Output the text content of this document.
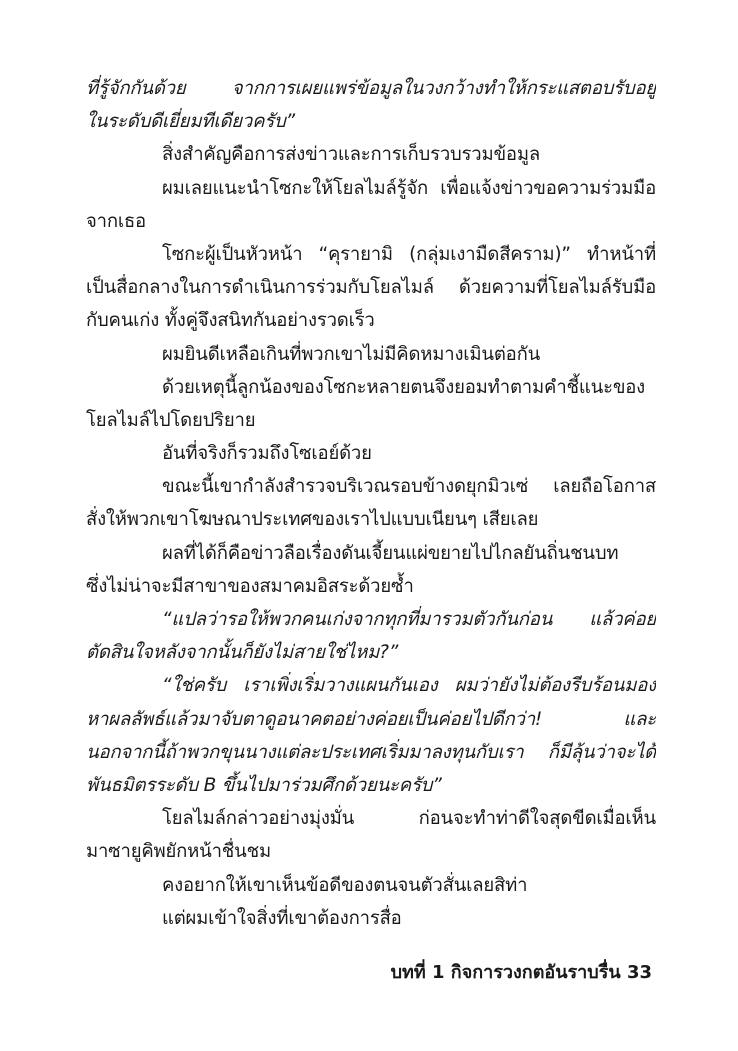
ที่รู้จักกันด้วย จากการเผยแพร่ข้อมูลในวงกว้างทำให้กระแสตอบรับอยู่
ในระดับดีเยี่ยมทีเดียวครับ”
สิ่งสำคัญคือการส่งข่าวและการเก็บรวบรวมข้อมูล
ผมเลยแนะนำโซกะให้โยลไมล์รู้จัก เพื่อแจ้งข่าวขอความร่วมมือ
จากเธอ
โซกะผู้เป็นหัวหน้า “คุรายามิ (กลุ่มเงามืดสีคราม)” ทำหน้าที่
เป็นสื่อกลางในการดำเนินการร่วมกับโยลไมล์ ด้วยความที่โยลไมล์รับมือ
กับคนเก่ง ทั้งคู่จึงสนิทกันอย่างรวดเร็ว
ผมยินดีเหลือเกินที่พวกเขาไม่มีคิดหมางเมินต่อกัน
ด้วยเหตุนี้ลูกน้องของโซกะหลายตนจึงยอมทำตามคำชี้แนะของ
โยลไมล์ไปโดยปริยาย
อันที่จริงก็รวมถึงโซเอย์ด้วย
ขณะนี้เขากำลังสำรวจบริเวณรอบข้างดยุกมิวเซ่ เลยถือโอกาส
สั่งให้พวกเขาโฆษณาประเทศของเราไปแบบเนียนๆ เสียเลย
ผลที่ได้ก็คือข่าวลือเรื่องดันเจี้ยนแผ่ขยายไปไกลยันถิ่นชนบท
ซึ่งไม่น่าจะมีสาขาของสมาคมอิสระด้วยซ้ำ
“แปลว่ารอให้พวกคนเก่งจากทุกที่มารวมตัวกันก่อน แล้วค่อย
ตัดสินใจหลังจากนั้นก็ยังไม่สายใช่ไหม?”
“ใช่ครับ เราเพิ่งเริ่มวางแผนกันเอง ผมว่ายังไม่ต้องรีบร้อนมอง
หาผลลัพธ์แล้วมาจับตาดูอนาคตอย่างค่อยเป็นค่อยไปดีกว่า! และ
นอกจากนี้ถ้าพวกขุนนางแต่ละประเทศเริ่มมาลงทุนกับเรา ก็มีลุ้นว่าจะได้
พันธมิตรระดับ B ขึ้นไปมาร่วมศึกด้วยนะครับ”
โยลไมล์กล่าวอย่างมุ่งมั่น ก่อนจะทำท่าดีใจสุดขีดเมื่อเห็น
มาซายูคิพยักหน้าชื่นชม
คงอยากให้เขาเห็นข้อดีของตนจนตัวสั่นเลยสิท่า
แต่ผมเข้าใจสิ่งที่เขาต้องการสื่อ
บทที่ 1 กิจการวงกตอันราบรื่น 33
